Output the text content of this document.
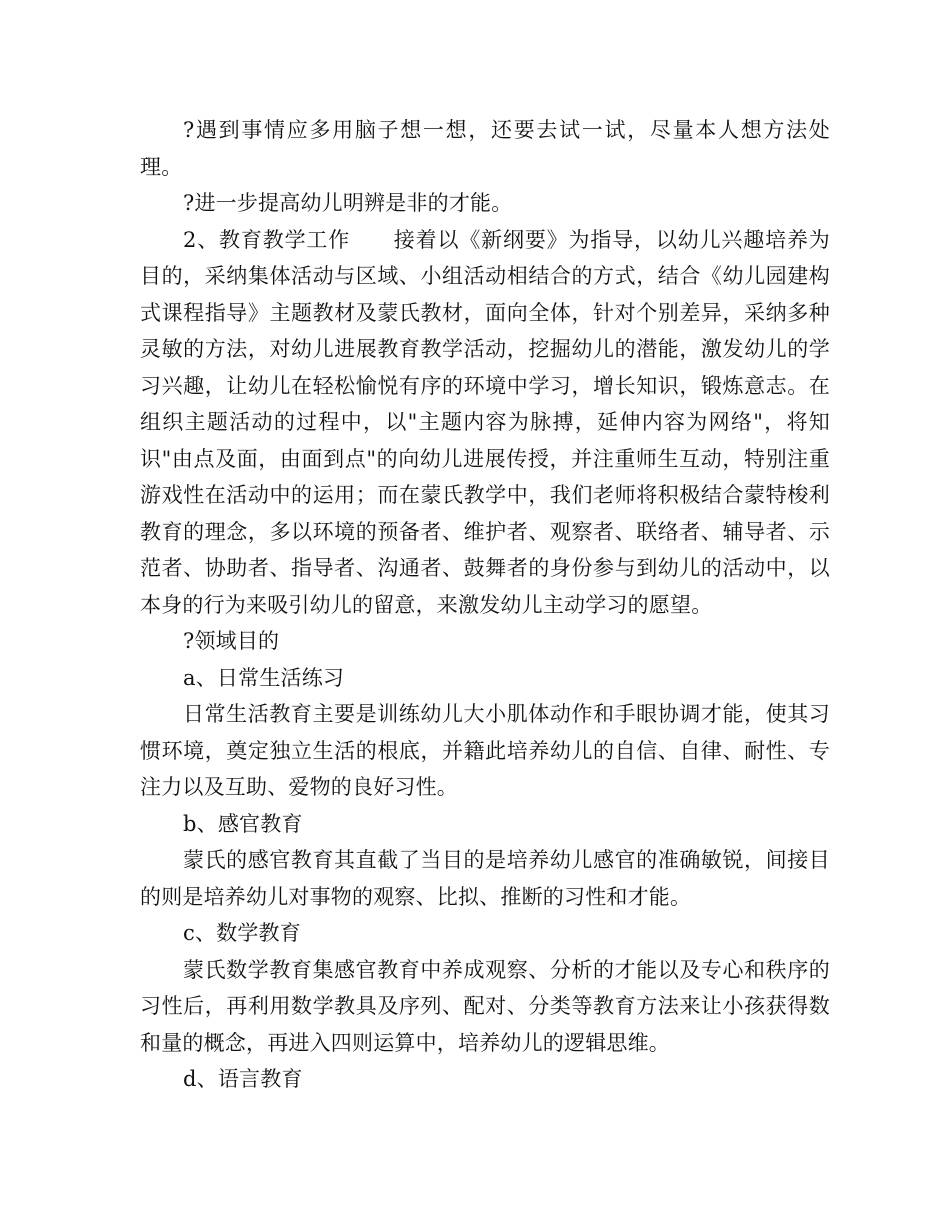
?遇到事情应多用脑子想一想，还要去试一试，尽量本人想方法处理。

?进一步提高幼儿明辨是非的才能。

2、教育教学工作　　接着以《新纲要》为指导，以幼儿兴趣培养为目的，采纳集体活动与区域、小组活动相结合的方式，结合《幼儿园建构式课程指导》主题教材及蒙氏教材，面向全体，针对个别差异，采纳多种灵敏的方法，对幼儿进展教育教学活动，挖掘幼儿的潜能，激发幼儿的学习兴趣，让幼儿在轻松愉悦有序的环境中学习，增长知识，锻炼意志。在组织主题活动的过程中，以"主题内容为脉搏，延伸内容为网络"，将知识"由点及面，由面到点"的向幼儿进展传授，并注重师生互动，特别注重游戏性在活动中的运用；而在蒙氏教学中，我们老师将积极结合蒙特梭利教育的理念，多以环境的预备者、维护者、观察者、联络者、辅导者、示范者、协助者、指导者、沟通者、鼓舞者的身份参与到幼儿的活动中，以本身的行为来吸引幼儿的留意，来激发幼儿主动学习的愿望。

?领域目的

a、日常生活练习

日常生活教育主要是训练幼儿大小肌体动作和手眼协调才能，使其习惯环境，奠定独立生活的根底，并籍此培养幼儿的自信、自律、耐性、专注力以及互助、爱物的良好习性。

b、感官教育

蒙氏的感官教育其直截了当目的是培养幼儿感官的准确敏锐，间接目的则是培养幼儿对事物的观察、比拟、推断的习性和才能。

c、数学教育

蒙氏数学教育集感官教育中养成观察、分析的才能以及专心和秩序的习性后，再利用数学教具及序列、配对、分类等教育方法来让小孩获得数和量的概念，再进入四则运算中，培养幼儿的逻辑思维。

d、语言教育
